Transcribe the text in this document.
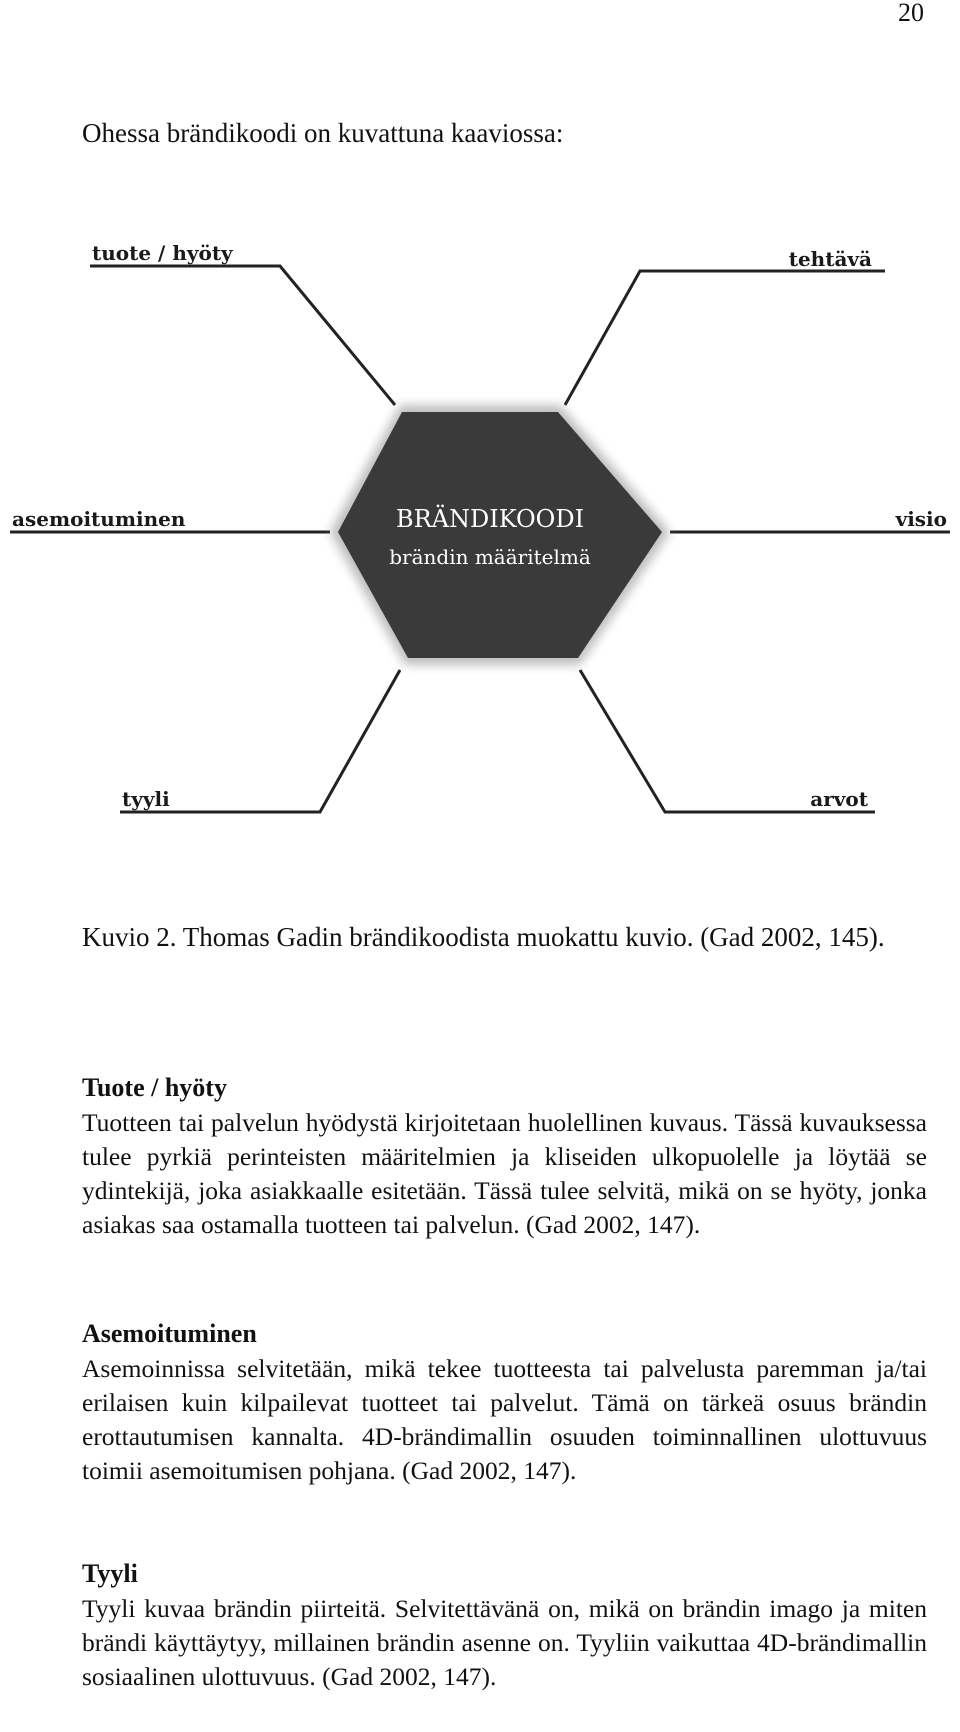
20

Ohessa brändikoodi on kuvattuna kaaviossa:

BRÄNDIKOODI
brändin määritelmä
tuote / hyöty	tehtävä
asemoituminen	visio
tyyli	arvot

Kuvio 2. Thomas Gadin brändikoodista muokattu kuvio. (Gad 2002, 145).

Tuote / hyöty

Tuotteen tai palvelun hyödystä kirjoitetaan huolellinen kuvaus. Tässä kuvauksessa tulee pyrkiä perinteisten määritelmien ja kliseiden ulkopuolelle ja löytää se ydintekijä, joka asiakkaalle esitetään. Tässä tulee selvitä, mikä on se hyöty, jonka asiakas saa ostamalla tuotteen tai palvelun. (Gad 2002, 147).

Asemoituminen

Asemoinnissa selvitetään, mikä tekee tuotteesta tai palvelusta paremman ja/tai erilaisen kuin kilpailevat tuotteet tai palvelut. Tämä on tärkeä osuus brändin erottautumisen kannalta. 4D-brändimallin osuuden toiminnallinen ulottuvuus toimii asemoitumisen pohjana. (Gad 2002, 147).

Tyyli

Tyyli kuvaa brändin piirteitä. Selvitettävänä on, mikä on brändin imago ja miten brändi käyttäytyy, millainen brändin asenne on. Tyyliin vaikuttaa 4D-brändimallin sosiaalinen ulottuvuus. (Gad 2002, 147).
